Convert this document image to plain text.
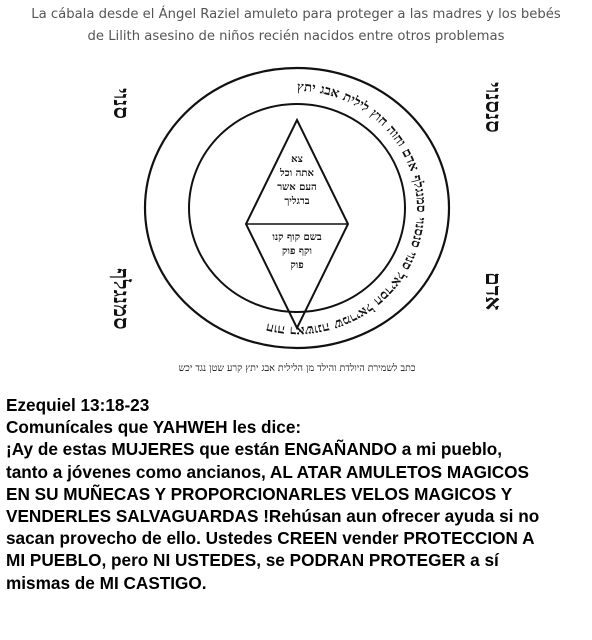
La cábala desde el Ángel Raziel amuleto para proteger a las madres y los bebés
de Lilith asesino de niños recién nacidos entre otros problemas
חוה ראשונה שמריאל חסדיאל סנוי סנסנוי סמנגלף אדם וחוה חוץ לילית אבג יתץ
צא
אתה וכל
העם אשר
ברגליך
בשם קוף קנו
וקף פוק
פוק
סנוי	סנסנוי
סמנגלף	אדם
כתב לשמירת היולדת והילד מן הלילית אבג יתץ קרע שטן נגד יכש
Ezequiel 13:18-23
Comunícales que YAHWEH les dice:
¡Ay de estas MUJERES que están ENGAÑANDO a mi pueblo,
tanto a jóvenes como ancianos, AL ATAR AMULETOS MAGICOS
EN SU MUÑECAS Y PROPORCIONARLES VELOS MAGICOS Y
VENDERLES SALVAGUARDAS !Rehúsan aun ofrecer ayuda si no
sacan provecho de ello. Ustedes CREEN vender PROTECCION A
MI PUEBLO, pero NI USTEDES, se PODRAN PROTEGER a sí
mismas de MI CASTIGO.
